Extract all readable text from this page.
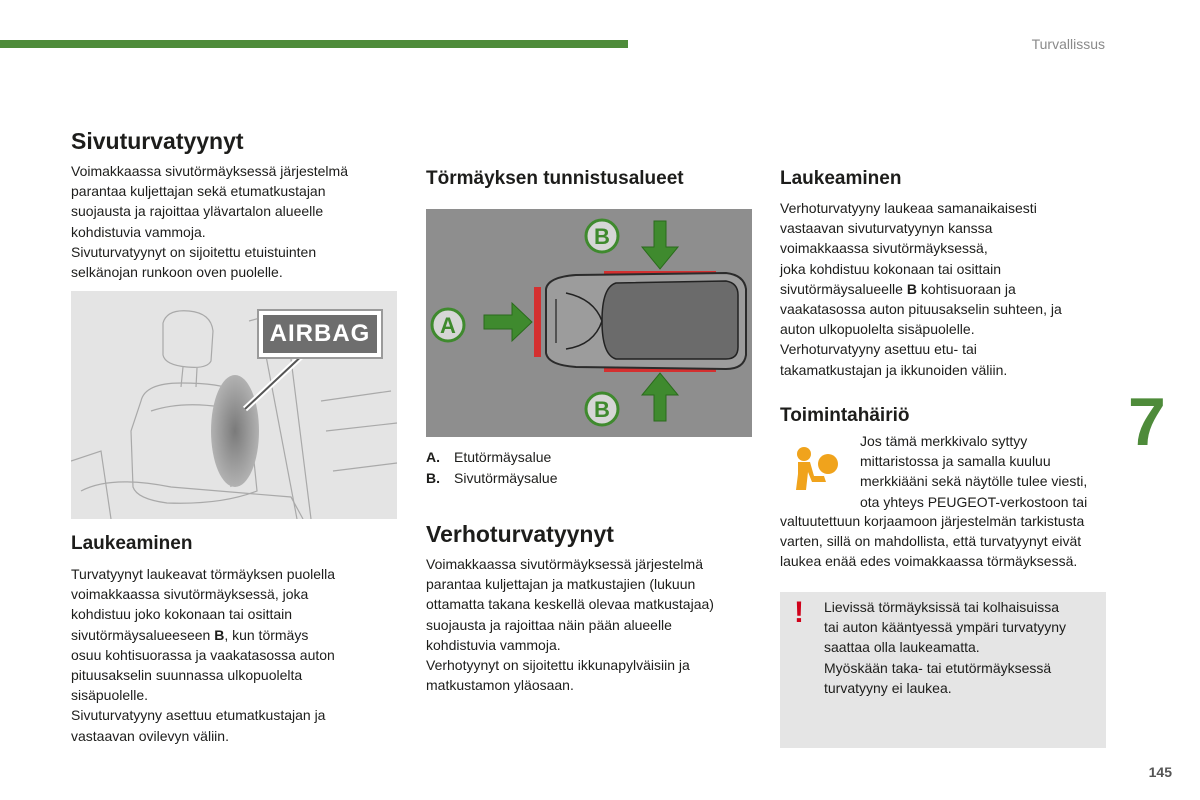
Turvallissus
Sivuturvatyynyt

Voimakkaassa sivutörmäyksessä järjestelmä

parantaa kuljettajan sekä etumatkustajan

suojausta ja rajoittaa ylävartalon alueelle

kohdistuvia vammoja.

Sivuturvatyynyt on sijoitettu etuistuinten

selkänojan runkoon oven puolelle.

AIRBAG
Laukeaminen

Turvatyynyt laukeavat törmäyksen puolella

voimakkaassa sivutörmäyksessä, joka

kohdistuu joko kokonaan tai osittain

sivutörmäysalueeseen B, kun törmäys

osuu kohtisuorassa ja vaakatasossa auton

pituusakselin suunnassa ulkopuolelta

sisäpuolelle.

Sivuturvatyyny asettuu etumatkustajan ja

vastaavan ovilevyn väliin.

Törmäyksen tunnistusalueet
B
B
A
A. Etutörmäysalue
B. Sivutörmäysalue
Verhoturvatyynyt

Voimakkaassa sivutörmäyksessä järjestelmä

parantaa kuljettajan ja matkustajien (lukuun

ottamatta takana keskellä olevaa matkustajaa)

suojausta ja rajoittaa näin pään alueelle

kohdistuvia vammoja.

Verhotyynyt on sijoitettu ikkunapylväisiin ja

matkustamon yläosaan.

Laukeaminen

Verhoturvatyyny laukeaa samanaikaisesti

vastaavan sivuturvatyynyn kanssa

voimakkaassa sivutörmäyksessä,

joka kohdistuu kokonaan tai osittain

sivutörmäysalueelle B kohtisuoraan ja

vaakatasossa auton pituusakselin suhteen, ja

auton ulkopuolelta sisäpuolelle.

Verhoturvatyyny asettuu etu- tai

takamatkustajan ja ikkunoiden väliin.

Toimintahäiriö

Jos tämä merkkivalo syttyy

mittaristossa ja samalla kuuluu

merkkiääni sekä näytölle tulee viesti,

ota yhteys PEUGEOT-verkostoon tai

valtuutettuun korjaamoon järjestelmän tarkistusta

varten, sillä on mahdollista, että turvatyynyt eivät

laukea enää edes voimakkaassa törmäyksessä.

! Lievissä törmäyksissä tai kolhaisuissa
tai auton kääntyessä ympäri turvatyyny
saattaa olla laukeamatta.
Myöskään taka- tai etutörmäyksessä
turvatyyny ei laukea.
7
145
